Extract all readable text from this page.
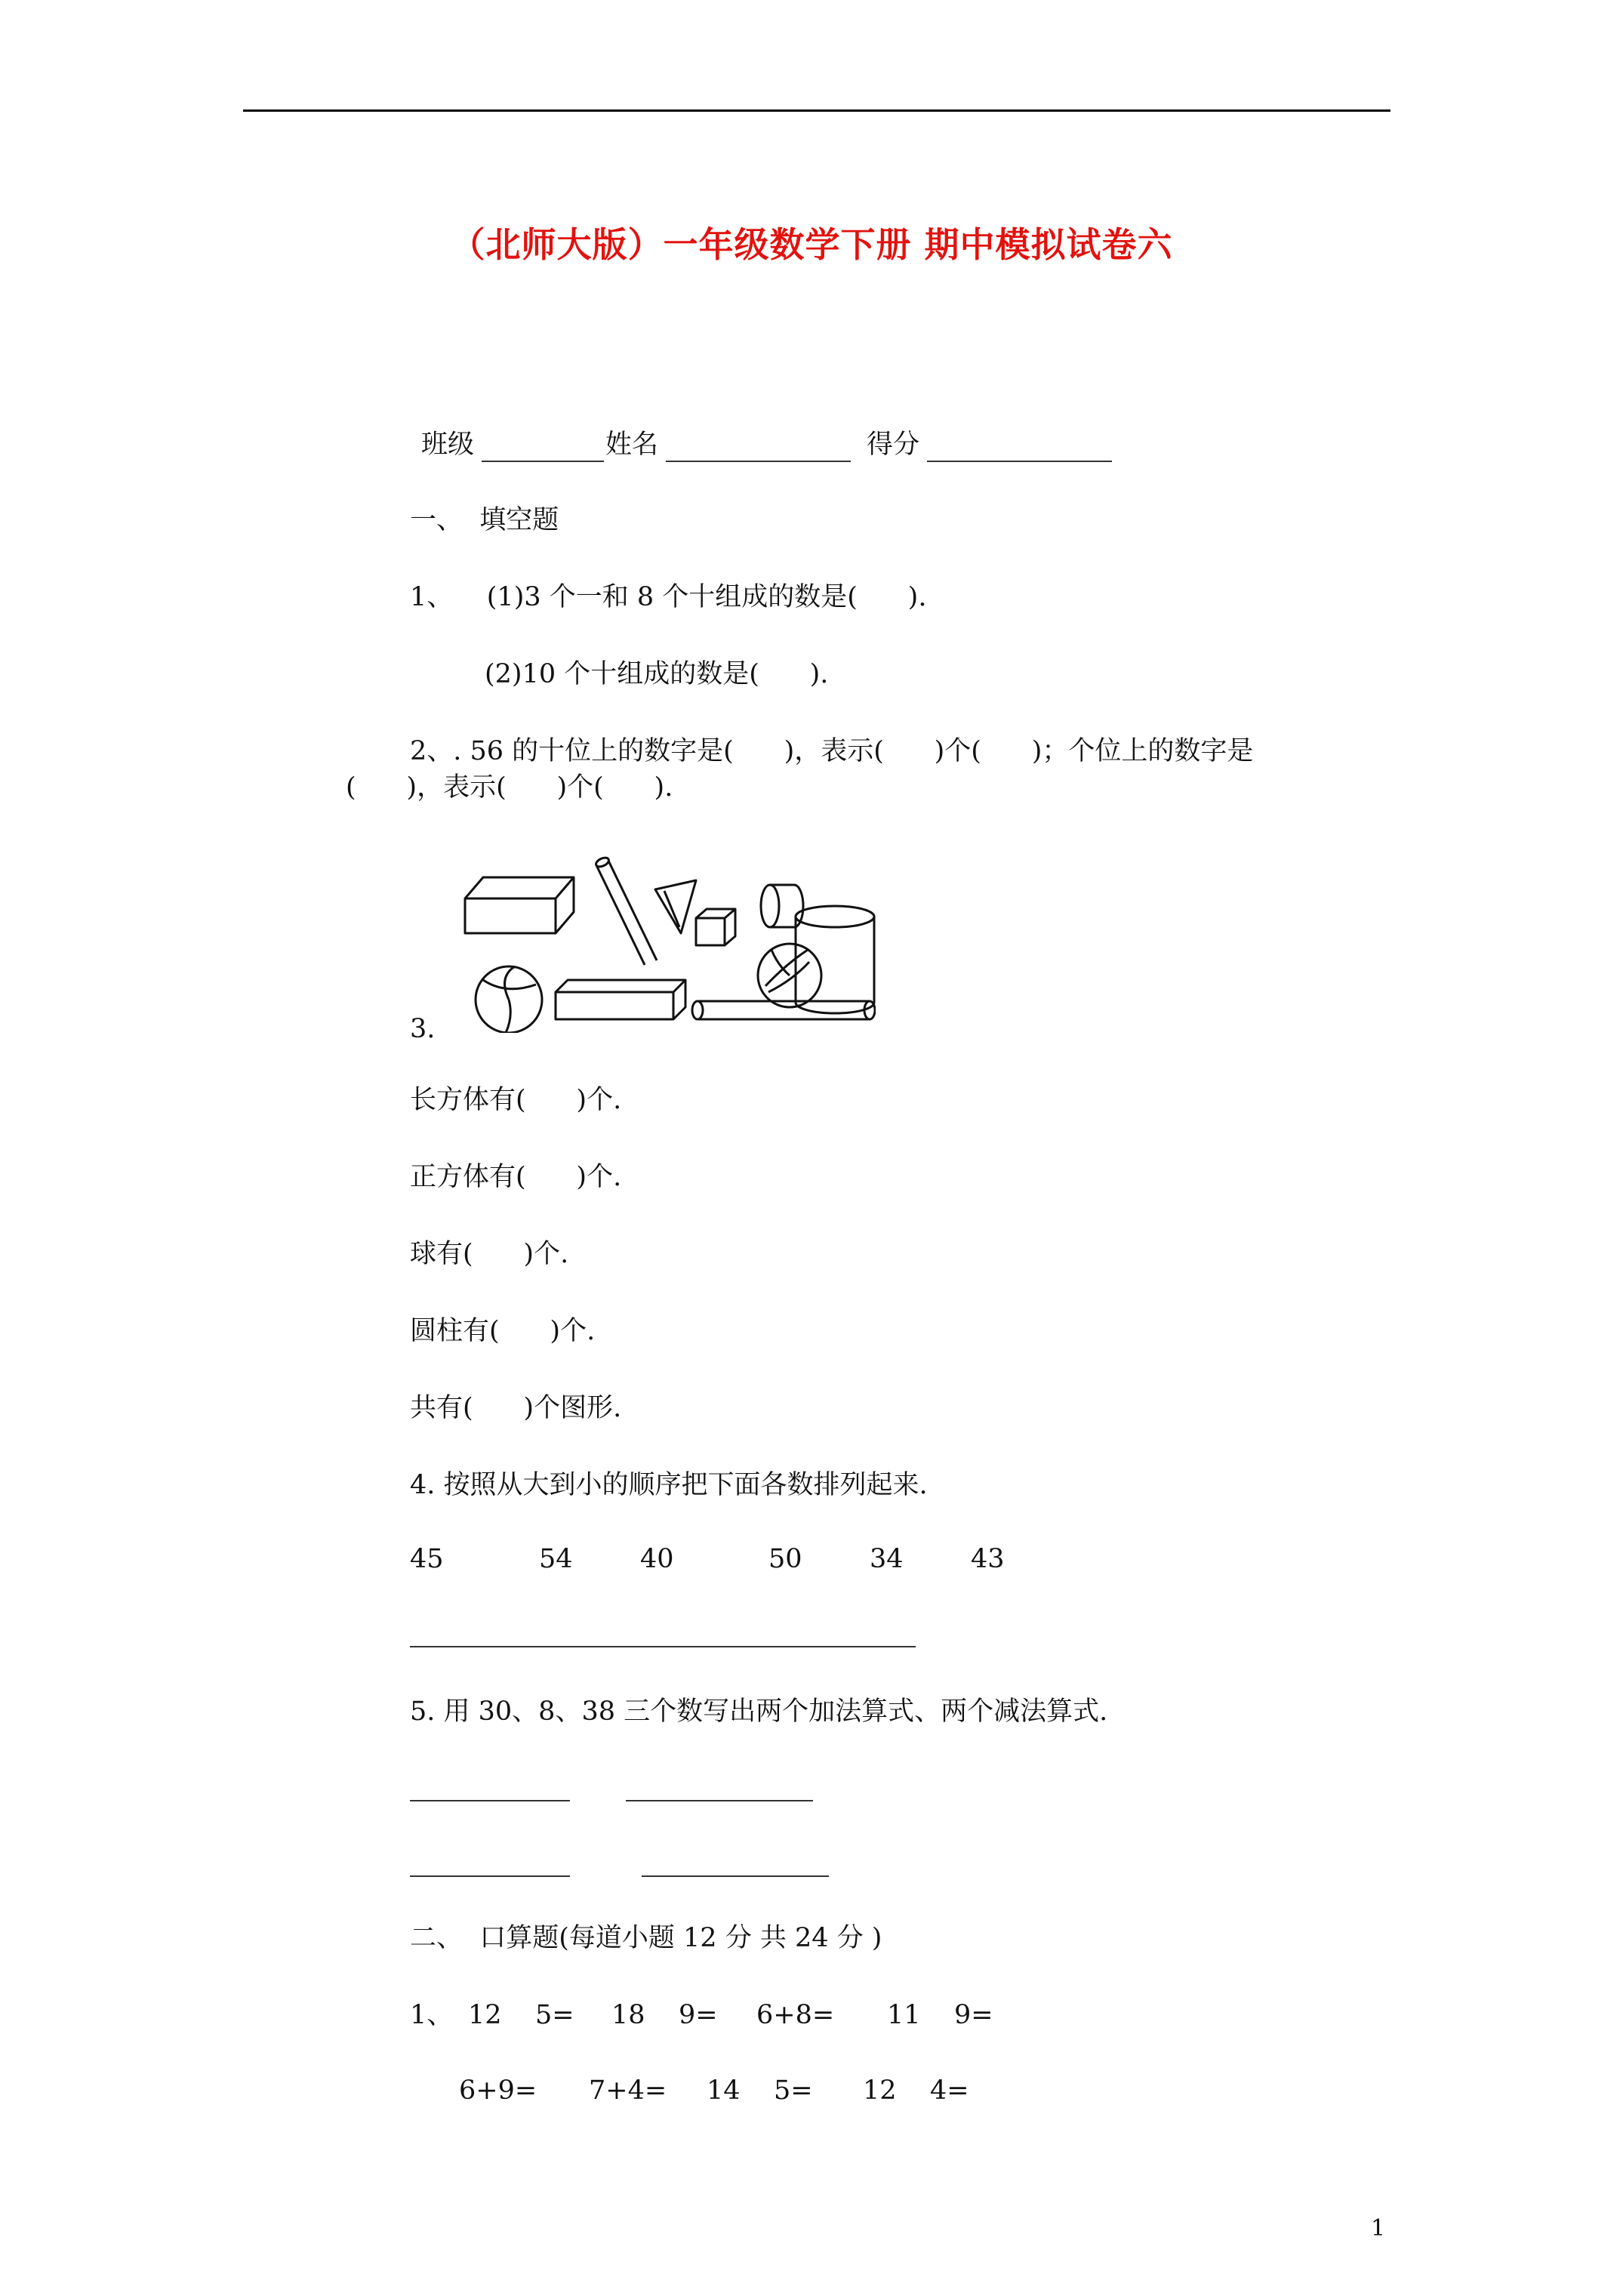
（北师大版）一年级数学下册 期中模拟试卷六
班级	姓名	得分
一、  填空题
1、    (1)3 个一和 8 个十组成的数是(      ).
(2)10 个十组成的数是(      ).
2、. 56 的十位上的数字是(      )，表示(      )个(      )；个位上的数字是
(      )，表示(      )个(      ).
3.
长方体有(      )个.
正方体有(      )个.
球有(      )个.
圆柱有(      )个.
共有(      )个图形.
4. 按照从大到小的顺序把下面各数排列起来.
45	54	40	50	34	43
5. 用 30、8、38 三个数写出两个加法算式、两个减法算式.
二、  口算题(每道小题 12 分 共 24 分 )
1、 12    5= 18    9= 6+8= 11    9=
6+9= 7+4= 14    5= 12    4=
1
